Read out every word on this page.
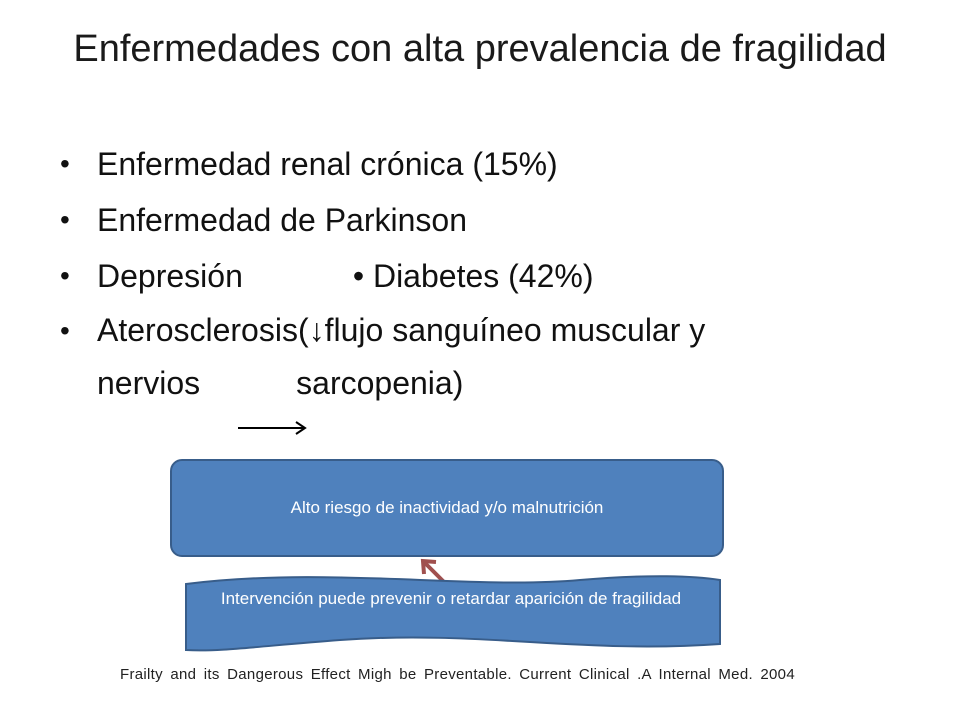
Enfermedades con alta prevalencia de fragilidad
• Enfermedad renal crónica (15%)
• Enfermedad de Parkinson
• Depresión	• Diabetes (42%)
• Aterosclerosis(↓flujo sanguíneo muscular y
nervios	sarcopenia)
Alto riesgo de inactividad y/o malnutrición
Intervención puede prevenir o retardar aparición de fragilidad
Frailty and its Dangerous Effect Migh be Preventable. Current Clinical .A Internal Med. 2004
